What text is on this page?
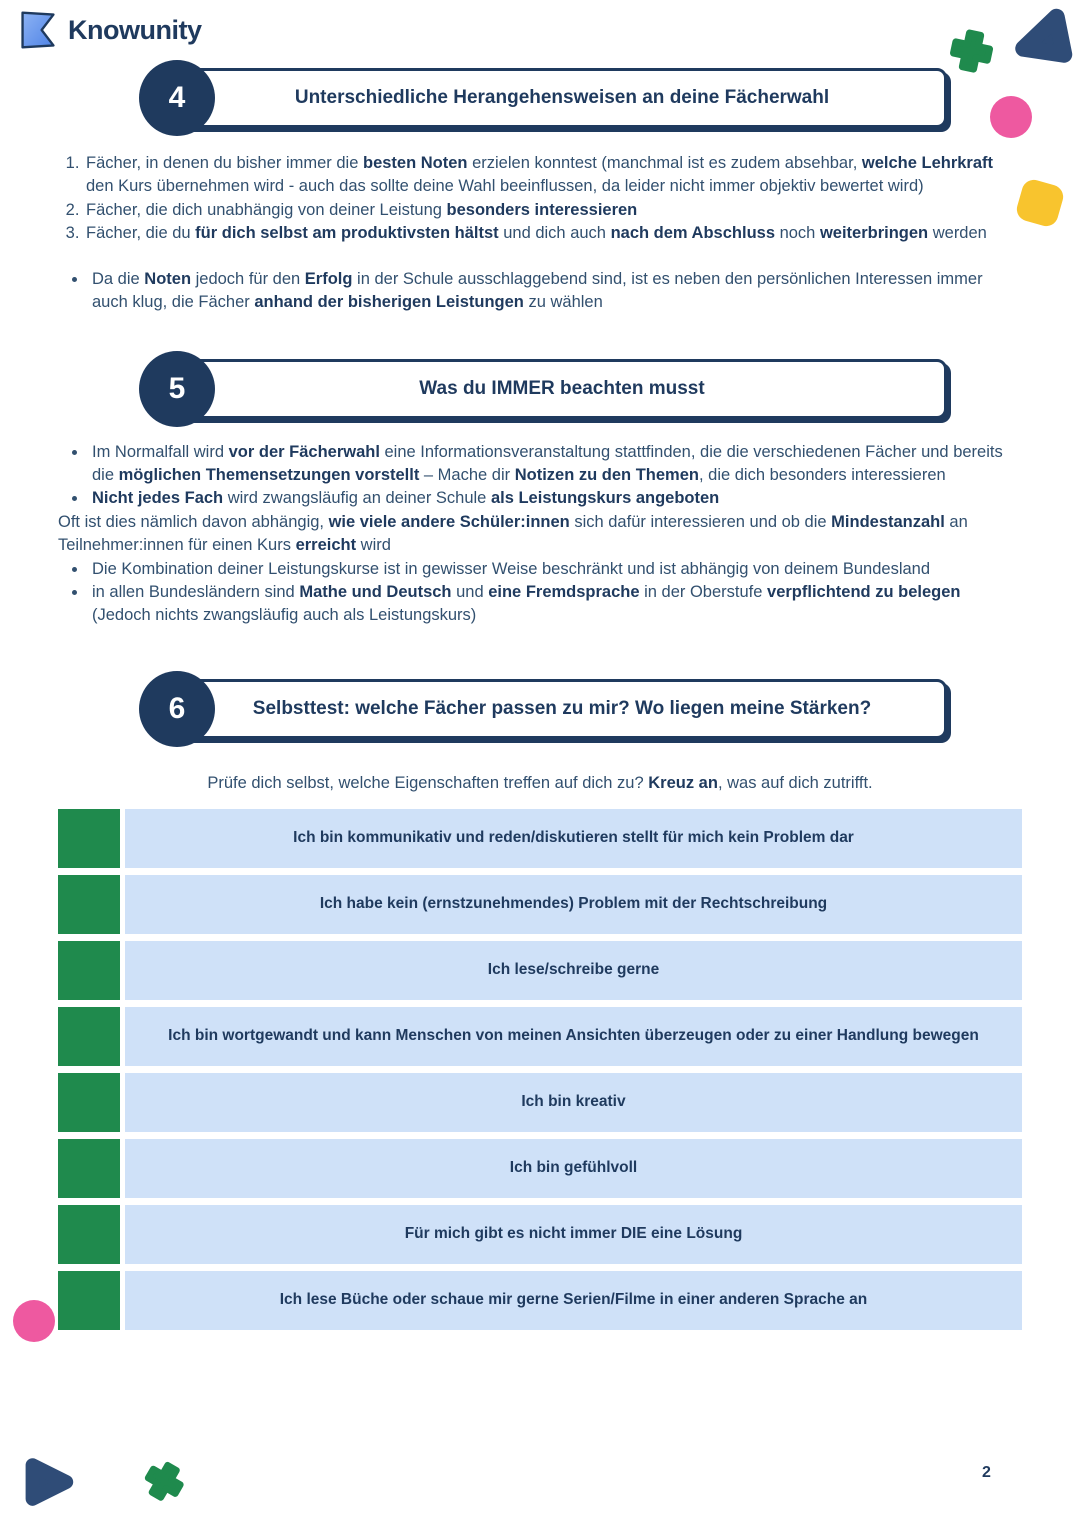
Knowunity
Unterschiedliche Herangehensweisen an deine Fächerwahl
4
1. Fächer, in denen du bisher immer die besten Noten erzielen konntest (manchmal ist es zudem absehbar, welche Lehrkraft den Kurs übernehmen wird - auch das sollte deine Wahl beeinflussen, da leider nicht immer objektiv bewertet wird)
2. Fächer, die dich unabhängig von deiner Leistung besonders interessieren
3. Fächer, die du für dich selbst am produktivsten hältst und dich auch nach dem Abschluss noch weiterbringen werden
• Da die Noten jedoch für den Erfolg in der Schule ausschlaggebend sind, ist es neben den persönlichen Interessen immer auch klug, die Fächer anhand der bisherigen Leistungen zu wählen
Was du IMMER beachten musst
5
• Im Normalfall wird vor der Fächerwahl eine Informationsveranstaltung stattfinden, die die verschiedenen Fächer und bereits die möglichen Themensetzungen vorstellt – Mache dir Notizen zu den Themen, die dich besonders interessieren
• Nicht jedes Fach wird zwangsläufig an deiner Schule als Leistungskurs angeboten
Oft ist dies nämlich davon abhängig, wie viele andere Schüler:innen sich dafür interessieren und ob die Mindestanzahl an Teilnehmer:innen für einen Kurs erreicht wird
• Die Kombination deiner Leistungskurse ist in gewisser Weise beschränkt und ist abhängig von deinem Bundesland
• in allen Bundesländern sind Mathe und Deutsch und eine Fremdsprache in der Oberstufe verpflichtend zu belegen (Jedoch nichts zwangsläufig auch als Leistungskurs)
Selbsttest: welche Fächer passen zu mir? Wo liegen meine Stärken?
6

Prüfe dich selbst, welche Eigenschaften treffen auf dich zu? Kreuz an, was auf dich zutrifft.

Ich bin kommunikativ und reden/diskutieren stellt für mich kein Problem dar
Ich habe kein (ernstzunehmendes) Problem mit der Rechtschreibung
Ich lese/schreibe gerne
Ich bin wortgewandt und kann Menschen von meinen Ansichten überzeugen oder zu einer Handlung bewegen
Ich bin kreativ
Ich bin gefühlvoll
Für mich gibt es nicht immer DIE eine Lösung
Ich lese Büche oder schaue mir gerne Serien/Filme in einer anderen Sprache an
2
